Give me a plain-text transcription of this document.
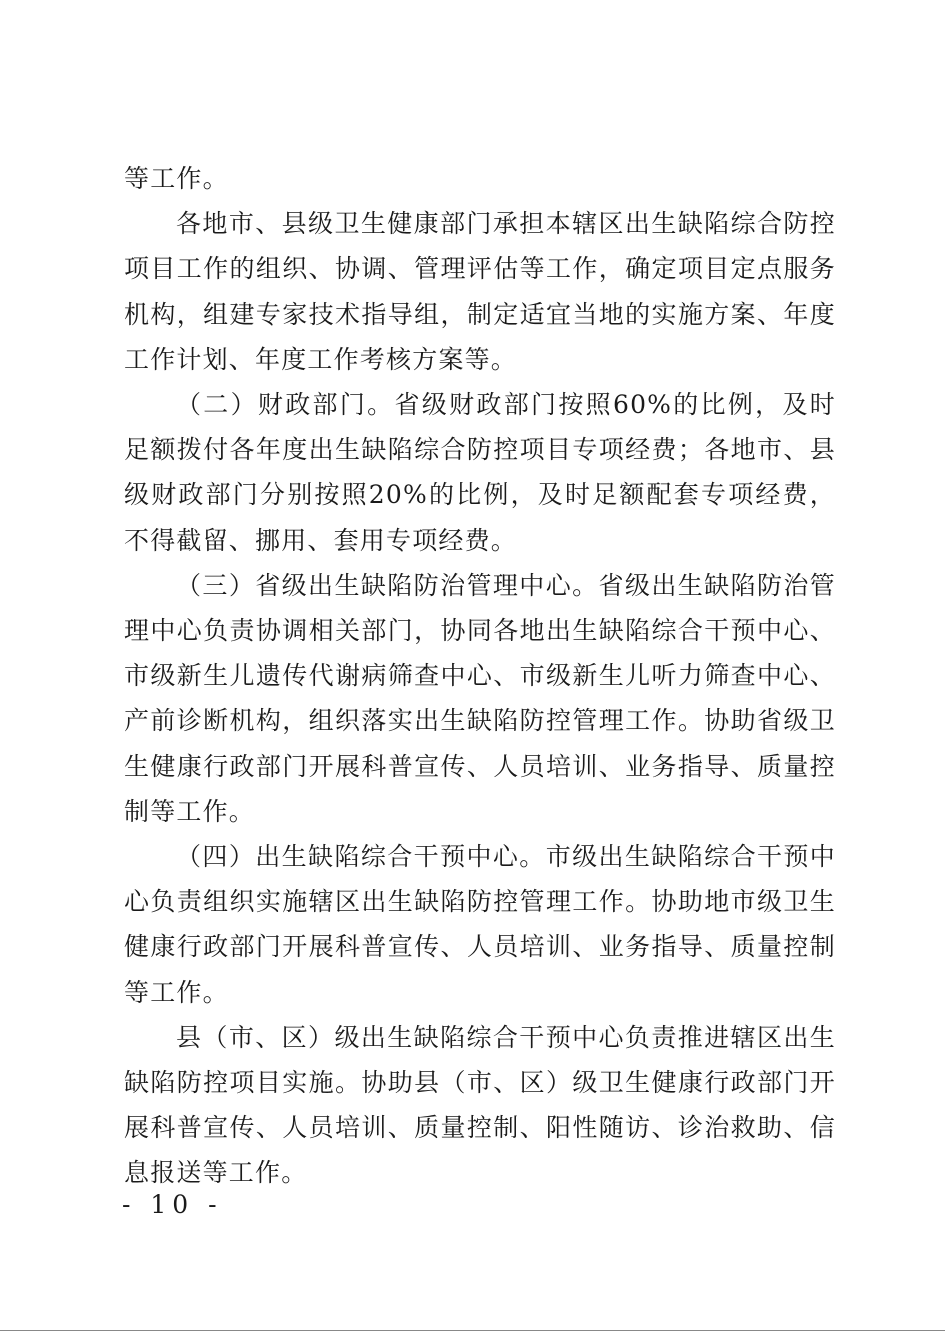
等工作。

各地市、县级卫生健康部门承担本辖区出生缺陷综合防控项目工作的组织、协调、管理评估等工作，确定项目定点服务机构，组建专家技术指导组，制定适宜当地的实施方案、年度工作计划、年度工作考核方案等。

（二）财政部门。省级财政部门按照60%的比例，及时足额拨付各年度出生缺陷综合防控项目专项经费；各地市、县级财政部门分别按照20%的比例，及时足额配套专项经费，不得截留、挪用、套用专项经费。

（三）省级出生缺陷防治管理中心。省级出生缺陷防治管理中心负责协调相关部门，协同各地出生缺陷综合干预中心、市级新生儿遗传代谢病筛查中心、市级新生儿听力筛查中心、产前诊断机构，组织落实出生缺陷防控管理工作。协助省级卫生健康行政部门开展科普宣传、人员培训、业务指导、质量控制等工作。

（四）出生缺陷综合干预中心。市级出生缺陷综合干预中心负责组织实施辖区出生缺陷防控管理工作。协助地市级卫生健康行政部门开展科普宣传、人员培训、业务指导、质量控制等工作。

县（市、区）级出生缺陷综合干预中心负责推进辖区出生缺陷防控项目实施。协助县（市、区）级卫生健康行政部门开展科普宣传、人员培训、质量控制、阳性随访、诊治救助、信息报送等工作。

- 10 -
